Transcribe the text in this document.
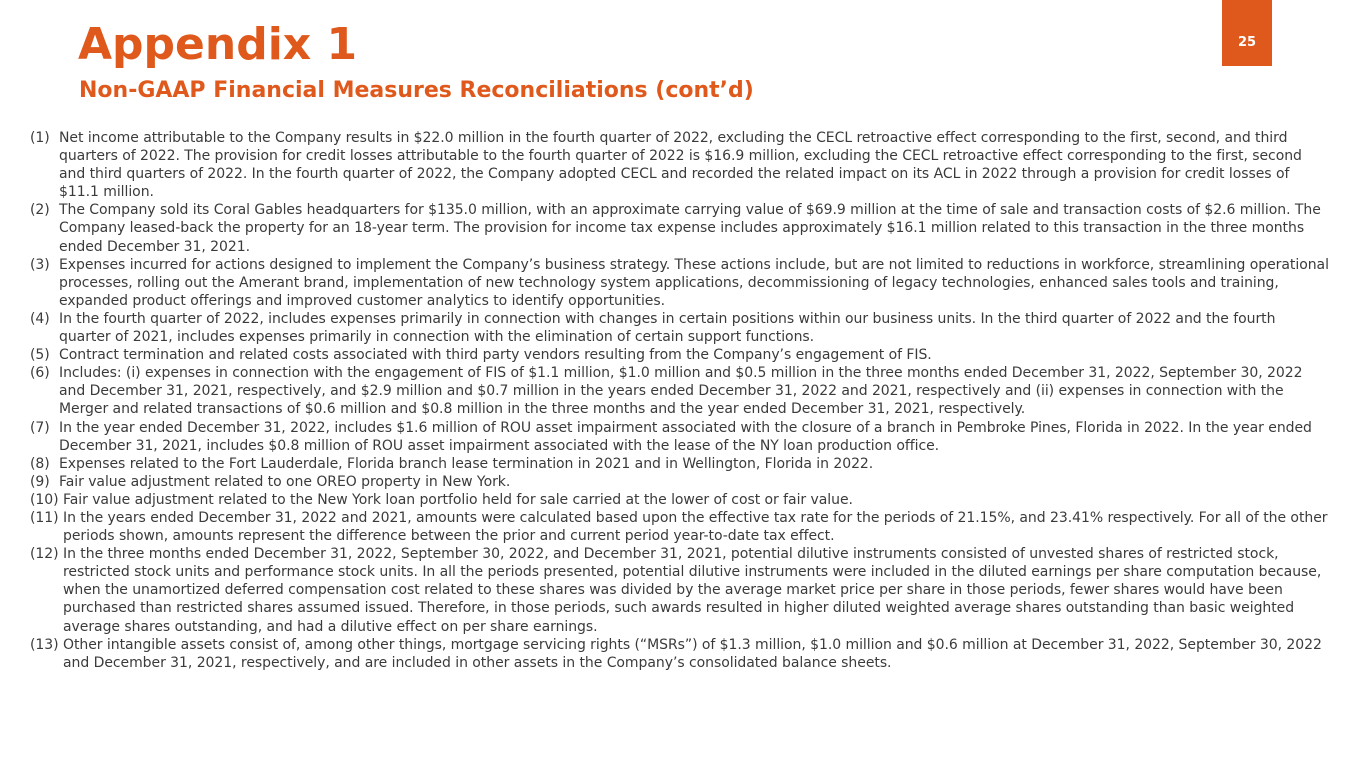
Appendix 1
Non-GAAP Financial Measures Reconciliations (cont’d)
25
(1) Net income attributable to the Company results in $22.0 million in the fourth quarter of 2022, excluding the CECL retroactive effect corresponding to the first, second, and third quarters of 2022. The provision for credit losses attributable to the fourth quarter of 2022 is $16.9 million, excluding the CECL retroactive effect corresponding to the first, second and third quarters of 2022. In the fourth quarter of 2022, the Company adopted CECL and recorded the related impact on its ACL in 2022 through a provision for credit losses of $11.1 million.
(2) The Company sold its Coral Gables headquarters for $135.0 million, with an approximate carrying value of $69.9 million at the time of sale and transaction costs of $2.6 million. The Company leased-back the property for an 18-year term. The provision for income tax expense includes approximately $16.1 million related to this transaction in the three months ended December 31, 2021.
(3) Expenses incurred for actions designed to implement the Company’s business strategy. These actions include, but are not limited to reductions in workforce, streamlining operational processes, rolling out the Amerant brand, implementation of new technology system applications, decommissioning of legacy technologies, enhanced sales tools and training, expanded product offerings and improved customer analytics to identify opportunities.
(4) In the fourth quarter of 2022, includes expenses primarily in connection with changes in certain positions within our business units. In the third quarter of 2022 and the fourth quarter of 2021, includes expenses primarily in connection with the elimination of certain support functions.
(5) Contract termination and related costs associated with third party vendors resulting from the Company’s engagement of FIS.
(6) Includes: (i) expenses in connection with the engagement of FIS of $1.1 million, $1.0 million and $0.5 million in the three months ended December 31, 2022, September 30, 2022 and December 31, 2021, respectively, and $2.9 million and $0.7 million in the years ended December 31, 2022 and 2021, respectively and (ii) expenses in connection with the Merger and related transactions of $0.6 million and $0.8 million in the three months and the year ended December 31, 2021, respectively.
(7) In the year ended December 31, 2022, includes $1.6 million of ROU asset impairment associated with the closure of a branch in Pembroke Pines, Florida in 2022. In the year ended December 31, 2021, includes $0.8 million of ROU asset impairment associated with the lease of the NY loan production office.
(8) Expenses related to the Fort Lauderdale, Florida branch lease termination in 2021 and in Wellington, Florida in 2022.
(9) Fair value adjustment related to one OREO property in New York.
(10) Fair value adjustment related to the New York loan portfolio held for sale carried at the lower of cost or fair value.
(11) In the years ended December 31, 2022 and 2021, amounts were calculated based upon the effective tax rate for the periods of 21.15%, and 23.41% respectively. For all of the other periods shown, amounts represent the difference between the prior and current period year-to-date tax effect.
(12) In the three months ended December 31, 2022, September 30, 2022, and December 31, 2021, potential dilutive instruments consisted of unvested shares of restricted stock, restricted stock units and performance stock units. In all the periods presented, potential dilutive instruments were included in the diluted earnings per share computation because, when the unamortized deferred compensation cost related to these shares was divided by the average market price per share in those periods, fewer shares would have been purchased than restricted shares assumed issued. Therefore, in those periods, such awards resulted in higher diluted weighted average shares outstanding than basic weighted average shares outstanding, and had a dilutive effect on per share earnings.
(13) Other intangible assets consist of, among other things, mortgage servicing rights (“MSRs”) of $1.3 million, $1.0 million and $0.6 million at December 31, 2022, September 30, 2022 and December 31, 2021, respectively, and are included in other assets in the Company’s consolidated balance sheets.
